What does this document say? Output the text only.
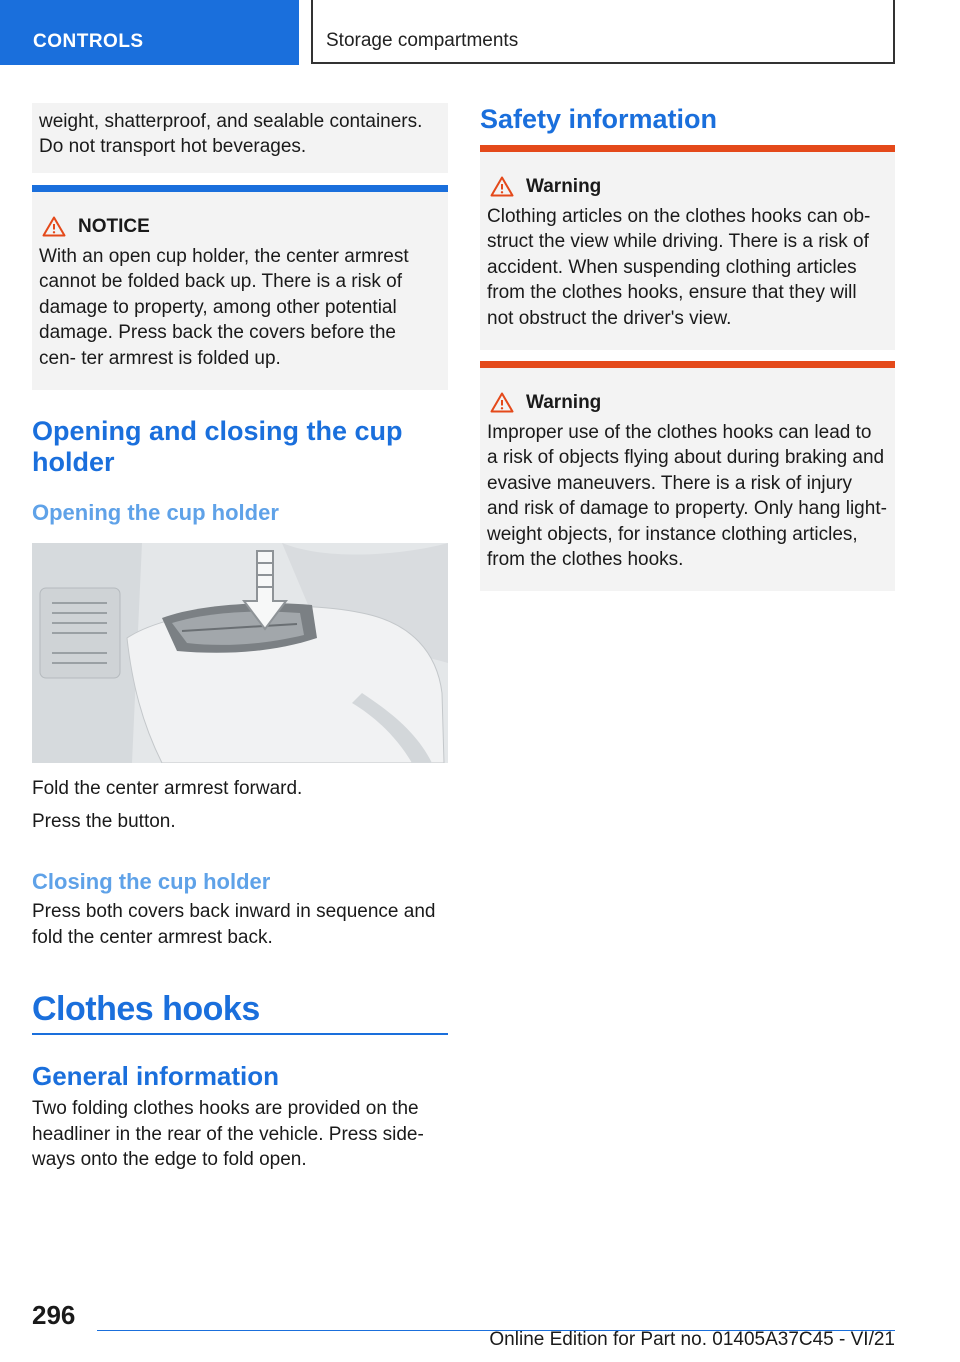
CONTROLS	Storage compartments
weight, shatterproof, and sealable containers. Do not transport hot beverages.
NOTICE

With an open cup holder, the center armrest cannot be folded back up. There is a risk of damage to property, among other potential damage. Press back the covers before the cen‐ ter armrest is folded up.

Opening and closing the cup holder
Opening the cup holder

Fold the center armrest forward.

Press the button.

Closing the cup holder

Press both covers back inward in sequence and fold the center armrest back.

Clothes hooks
General information

Two folding clothes hooks are provided on the headliner in the rear of the vehicle. Press side‐ ways onto the edge to fold open.

Safety information
Warning

Clothing articles on the clothes hooks can ob‐ struct the view while driving. There is a risk of accident. When suspending clothing articles from the clothes hooks, ensure that they will not obstruct the driver's view.

Warning

Improper use of the clothes hooks can lead to a risk of objects flying about during braking and evasive maneuvers. There is a risk of injury and risk of damage to property. Only hang light‐ weight objects, for instance clothing articles, from the clothes hooks.

296
Online Edition for Part no. 01405A37C45 - VI/21
